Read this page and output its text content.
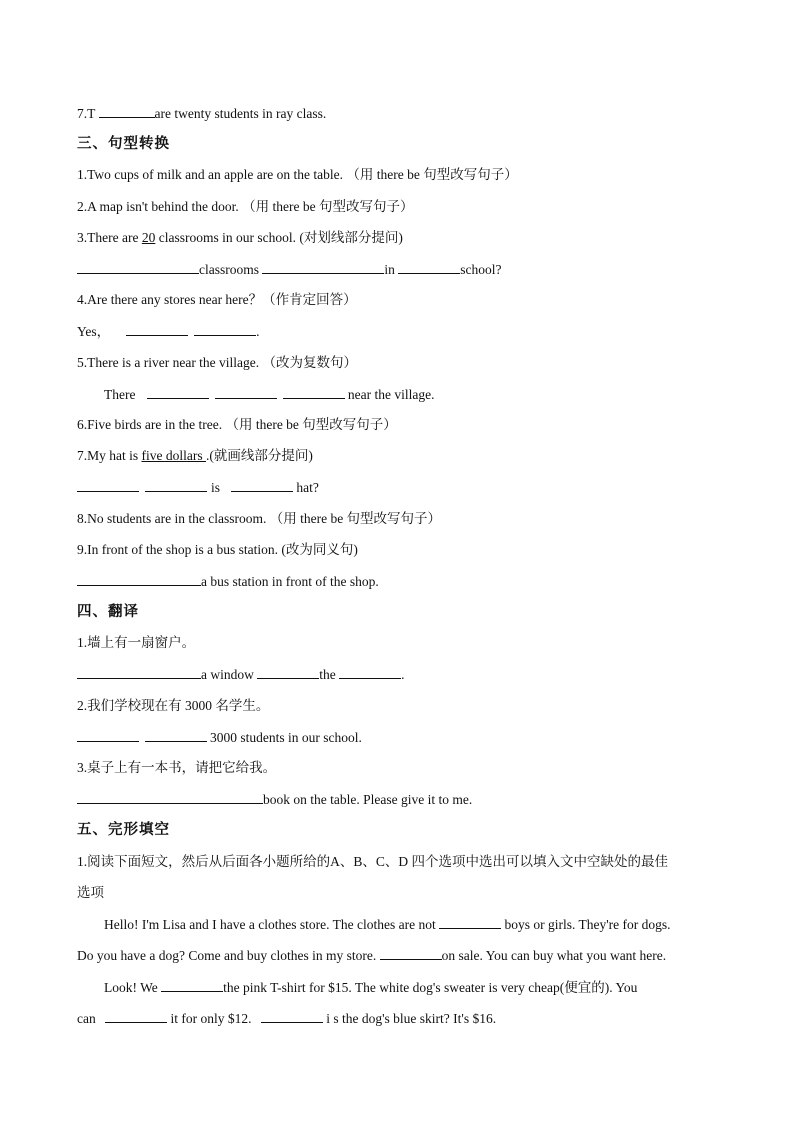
7.T	are twenty students in ray class.
三、句型转换
1.Two cups of milk and an apple are on the table. （用 there be 句型改写句子）
2.A map isn't behind the door. （用 there be 句型改写句子）
3.There are 20 classrooms in our school. (对划线部分提问)
classrooms	in	school?
4.Are there any stores near here？（作肯定回答）
Yes，	.
5.There is a river near the village. （改为复数句）
There	near the village.
6.Five birds are in the tree. （用 there be 句型改写句子）
7.My hat is five dollars .(就画线部分提问)
is	hat?
8.No students are in the classroom. （用 there be 句型改写句子）
9.In front of the shop is a bus station. (改为同义句)
a bus station in front of the shop.
四、翻译
1.墙上有一扇窗户。
a window	the	.
2.我们学校现在有 3000 名学生。
3000 students in our school.
3.桌子上有一本书，请把它给我。
book on the table. Please give it to me.
五、完形填空
1.阅读下面短文，然后从后面各小题所给的A、B、C、D 四个选项中选出可以填入文中空缺处的最佳
选项
Hello! I'm Lisa and I have a clothes store. The clothes are not	boys or girls. They're for dogs.
Do you have a dog? Come and buy clothes in my store.	on sale. You can buy what you want here.
Look! We	the pink T-shirt for $15. The white dog's sweater is very cheap(便宜的). You
can	it for only $12.	i s the dog's blue skirt? It's $16.
